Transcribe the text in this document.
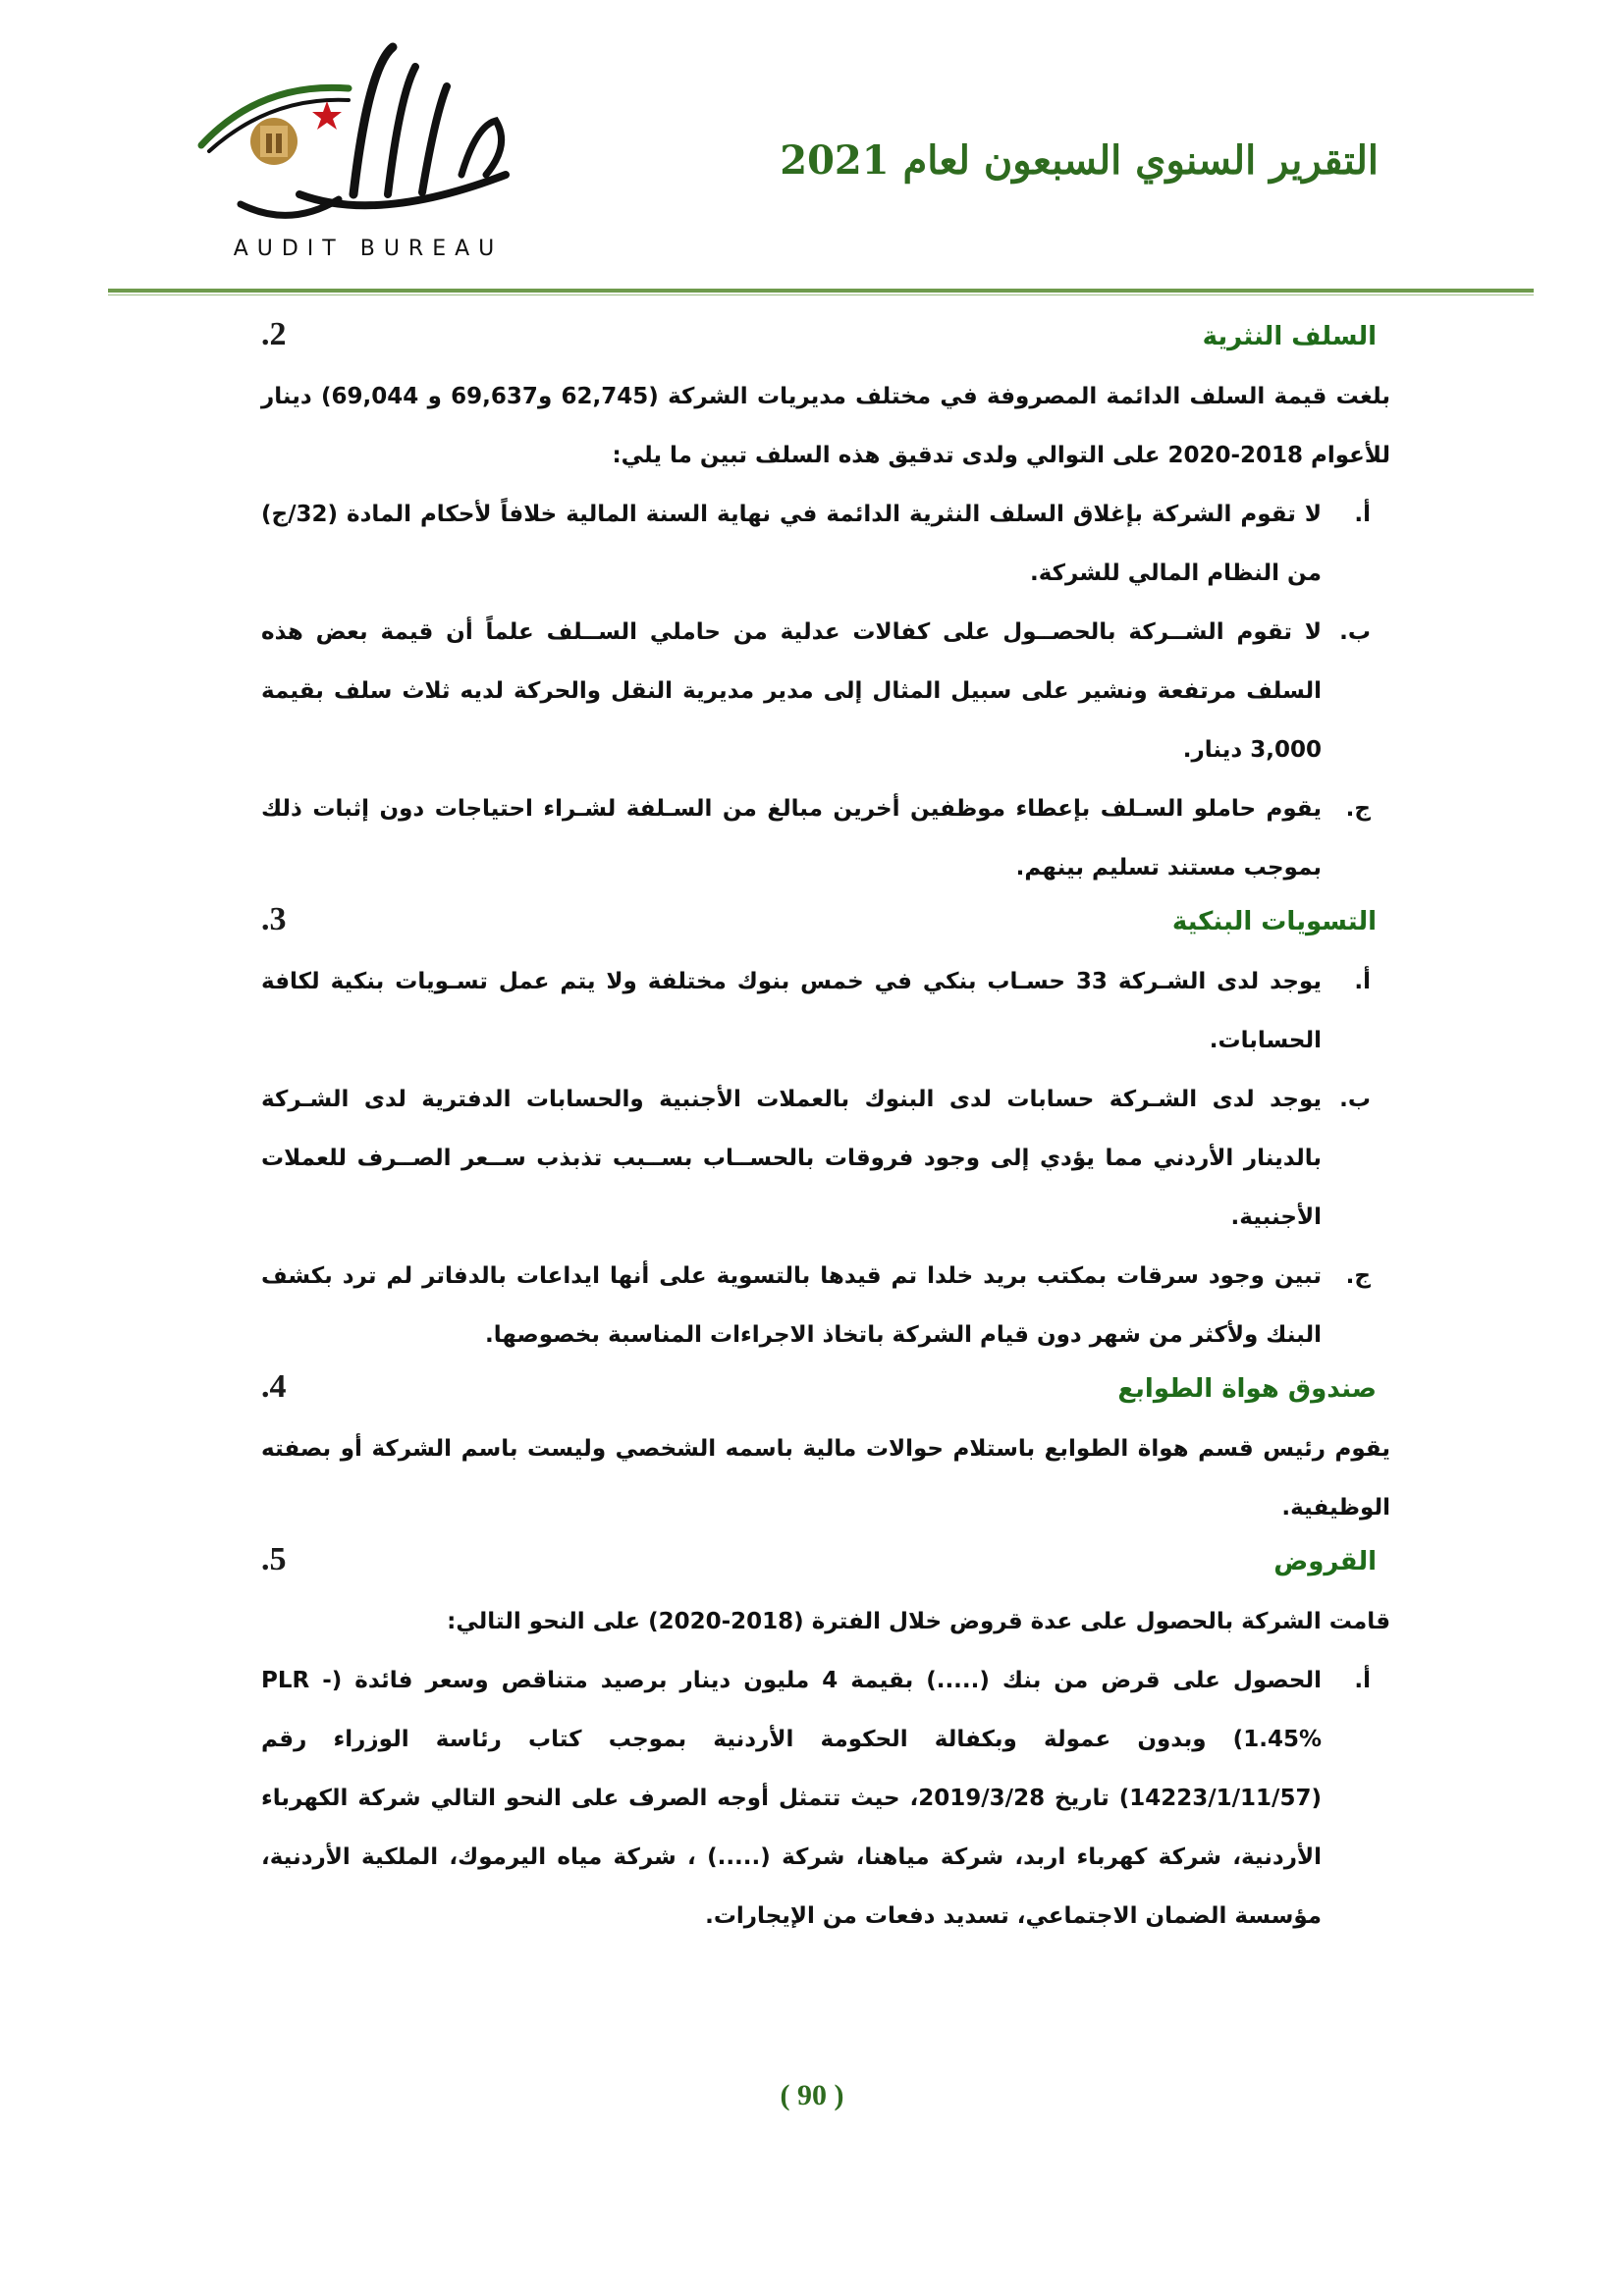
AUDIT BUREAU
التقرير السنوي السبعون لعام 2021
السلف النثرية
.2

بلغت قيمة السلف الدائمة المصروفة في مختلف مديريات الشركة (62,745 و69,637 و 69,044) دينار للأعوام 2018-2020 على التوالي ولدى تدقيق هذه السلف تبين ما يلي:

أ.
لا تقوم الشركة بإغلاق السلف النثرية الدائمة في نهاية السنة المالية خلافاً لأحكام المادة (32/ج) من النظام المالي للشركة.
ب.
لا تقوم الشــركة بالحصــول على كفالات عدلية من حاملي الســلف علماً أن قيمة بعض هذه السلف مرتفعة ونشير على سبيل المثال إلى مدير مديرية النقل والحركة لديه ثلاث سلف بقيمة 3,000 دينار.
ج.
يقوم حاملو السـلف بإعطاء موظفين أخرين مبالغ من السـلفة لشـراء احتياجات دون إثبات ذلك بموجب مستند تسليم بينهم.
التسويات البنكية
.3
أ.
يوجد لدى الشـركة 33 حسـاب بنكي في خمس بنوك مختلفة ولا يتم عمل تسـويات بنكية لكافة الحسابات.
ب.
يوجد لدى الشـركة حسابات لدى البنوك بالعملات الأجنبية والحسابات الدفترية لدى الشـركة بالدينار الأردني مما يؤدي إلى وجود فروقات بالحســاب بســبب تذبذب ســعر الصــرف للعملات الأجنبية.
ج.
تبين وجود سرقات بمكتب بريد خلدا تم قيدها بالتسوية على أنها ايداعات بالدفاتر لم ترد بكشف البنك ولأكثر من شهر دون قيام الشركة باتخاذ الاجراءات المناسبة بخصوصها.
صندوق هواة الطوابع
.4

يقوم رئيس قسم هواة الطوابع باستلام حوالات مالية باسمه الشخصي وليست باسم الشركة أو بصفته الوظيفية.

القروض
.5

قامت الشركة بالحصول على عدة قروض خلال الفترة (2018-2020) على النحو التالي:

أ.
الحصول على قرض من بنك (.....) بقيمة 4 مليون دينار برصيد متناقص وسعر فائدة (PLR - 1.45%) وبدون عمولة وبكفالة الحكومة الأردنية بموجب كتاب رئاسة الوزراء رقم (14223/1/11/57) تاريخ 2019/3/28، حيث تتمثل أوجه الصرف على النحو التالي شركة الكهرباء الأردنية، شركة كهرباء اربد، شركة مياهنا، شركة (.....) ، شركة مياه اليرموك، الملكية الأردنية، مؤسسة الضمان الاجتماعي، تسديد دفعات من الإيجارات.
( 90 )
